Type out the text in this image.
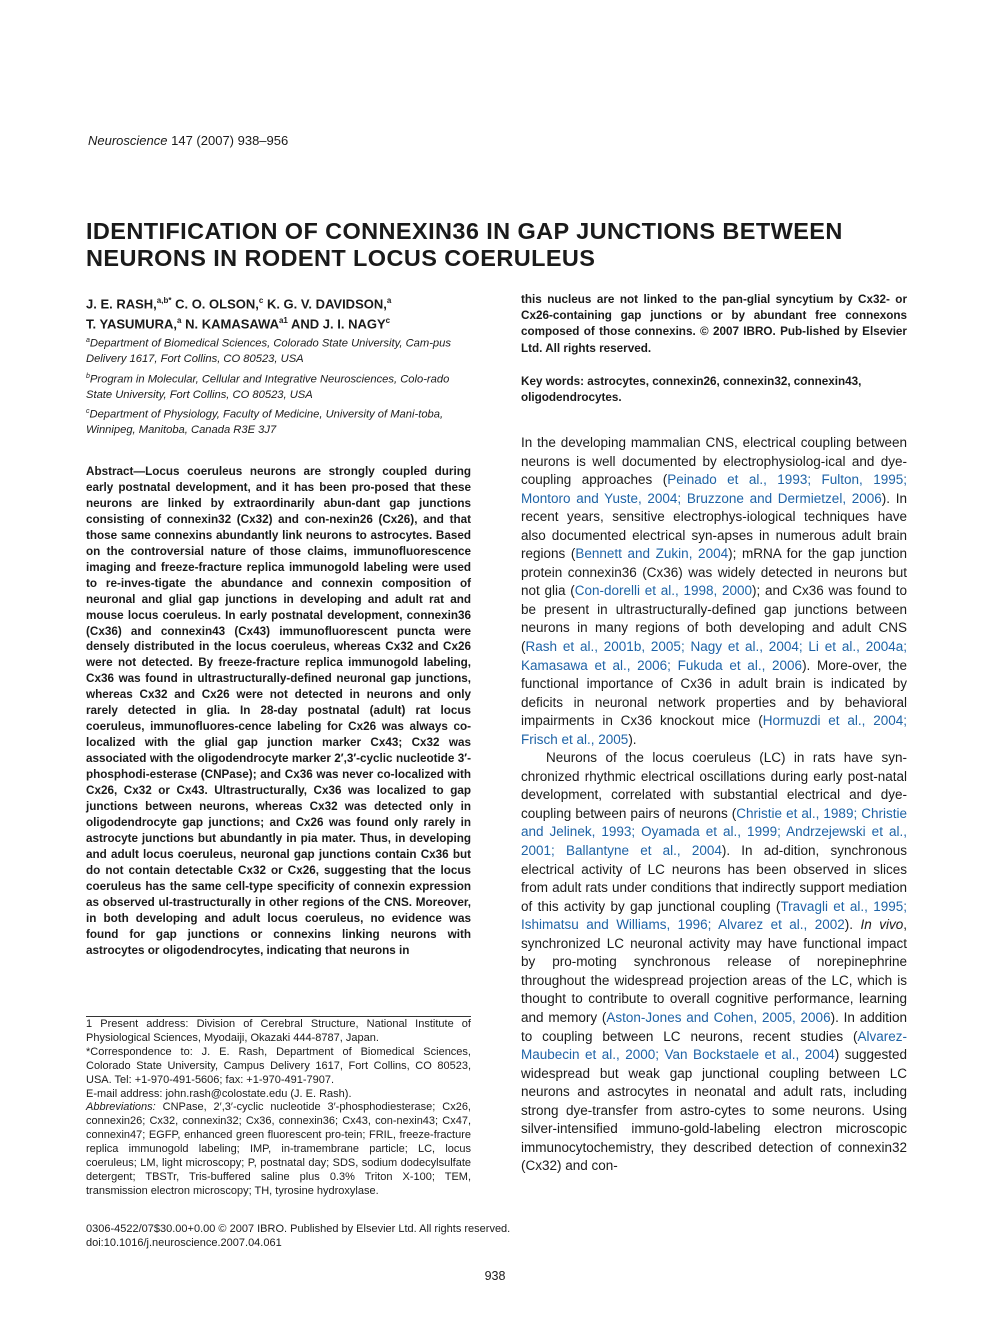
Neuroscience 147 (2007) 938–956
IDENTIFICATION OF CONNEXIN36 IN GAP JUNCTIONS BETWEEN NEURONS IN RODENT LOCUS COERULEUS
J. E. RASH,$^{a,b*}$ C. O. OLSON,$^c$ K. G. V. DAVIDSON,$^a$
T. YASUMURA,$^a$ N. $KAMASAWA^{a1}$ AND J. I. NAGY$^c$
$^a$Department of Biomedical Sciences, Colorado State University, Cam-pus Delivery 1617, Fort Collins, CO 80523, USA
$^b$Program in Molecular, Cellular and Integrative Neurosciences, Colo-rado State University, Fort Collins, CO 80523, USA
$^c$Department of Physiology, Faculty of Medicine, University of Mani-toba, Winnipeg, Manitoba, Canada R3E 3J7
Abstract—Locus coeruleus neurons are strongly coupled during early postnatal development, and it has been pro-posed that these neurons are linked by extraordinarily abun-dant gap junctions consisting of connexin32 (Cx32) and con-nexin26 (Cx26), and that those same connexins abundantly link neurons to astrocytes. Based on the controversial nature of those claims, immunofluorescence imaging and freeze-fracture replica immunogold labeling were used to re-inves-tigate the abundance and connexin composition of neuronal and glial gap junctions in developing and adult rat and mouse locus coeruleus. In early postnatal development, connexin36 (Cx36) and connexin43 (Cx43) immunofluorescent puncta were densely distributed in the locus coeruleus, whereas Cx32 and Cx26 were not detected. By freeze-fracture replica immunogold labeling, Cx36 was found in ultrastructurally-defined neuronal gap junctions, whereas Cx32 and Cx26 were not detected in neurons and only rarely detected in glia. In 28-day postnatal (adult) rat locus coeruleus, immunofluores-cence labeling for Cx26 was always co-localized with the glial gap junction marker Cx43; Cx32 was associated with the oligodendrocyte marker 2′,3′-cyclic nucleotide 3′-phosphodi-esterase (CNPase); and Cx36 was never co-localized with Cx26, Cx32 or Cx43. Ultrastructurally, Cx36 was localized to gap junctions between neurons, whereas Cx32 was detected only in oligodendrocyte gap junctions; and Cx26 was found only rarely in astrocyte junctions but abundantly in pia mater. Thus, in developing and adult locus coeruleus, neuronal gap junctions contain Cx36 but do not contain detectable Cx32 or Cx26, suggesting that the locus coeruleus has the same cell-type specificity of connexin expression as observed ul-trastructurally in other regions of the CNS. Moreover, in both developing and adult locus coeruleus, no evidence was found for gap junctions or connexins linking neurons with astrocytes or oligodendrocytes, indicating that neurons in
this nucleus are not linked to the pan-glial syncytium by Cx32- or Cx26-containing gap junctions or by abundant free connexons composed of those connexins. © 2007 IBRO. Pub-lished by Elsevier Ltd. All rights reserved.
Key words: astrocytes, connexin26, connexin32, connexin43, oligodendrocytes.

In the developing mammalian CNS, electrical coupling between neurons is well documented by electrophysiolog-ical and dye-coupling approaches (Peinado et al., 1993; Fulton, 1995; Montoro and Yuste, 2004; Bruzzone and Dermietzel, 2006). In recent years, sensitive electrophys-iological techniques have also documented electrical syn-apses in numerous adult brain regions (Bennett and Zukin, 2004); mRNA for the gap junction protein connexin36 (Cx36) was widely detected in neurons but not glia (Con-dorelli et al., 1998, 2000); and Cx36 was found to be present in ultrastructurally-defined gap junctions between neurons in many regions of both developing and adult CNS (Rash et al., 2001b, 2005; Nagy et al., 2004; Li et al., 2004a; Kamasawa et al., 2006; Fukuda et al., 2006). More-over, the functional importance of Cx36 in adult brain is indicated by deficits in neuronal network properties and by behavioral impairments in Cx36 knockout mice (Hormuzdi et al., 2004; Frisch et al., 2005).

Neurons of the locus coeruleus (LC) in rats have syn-chronized rhythmic electrical oscillations during early post-natal development, correlated with substantial electrical and dye-coupling between pairs of neurons (Christie et al., 1989; Christie and Jelinek, 1993; Oyamada et al., 1999; Andrzejewski et al., 2001; Ballantyne et al., 2004). In ad-dition, synchronous electrical activity of LC neurons has been observed in slices from adult rats under conditions that indirectly support mediation of this activity by gap junctional coupling (Travagli et al., 1995; Ishimatsu and Williams, 1996; Alvarez et al., 2002). In vivo, synchronized LC neuronal activity may have functional impact by pro-moting synchronous release of norepinephrine throughout the widespread projection areas of the LC, which is thought to contribute to overall cognitive performance, learning and memory (Aston-Jones and Cohen, 2005, 2006). In addition to coupling between LC neurons, recent studies (Alvarez-Maubecin et al., 2000; Van Bockstaele et al., 2004) suggested widespread but weak gap junctional coupling between LC neurons and astrocytes in neonatal and adult rats, including strong dye-transfer from astro-cytes to some neurons. Using silver-intensified immuno-gold-labeling electron microscopic immunocytochemistry, they described detection of connexin32 (Cx32) and con-

1 Present address: Division of Cerebral Structure, National Institute of Physiological Sciences, Myodaiji, Okazaki 444-8787, Japan.

*Correspondence to: J. E. Rash, Department of Biomedical Sciences, Colorado State University, Campus Delivery 1617, Fort Collins, CO 80523, USA. Tel: +1-970-491-5606; fax: +1-970-491-7907.

E-mail address: john.rash@colostate.edu (J. E. Rash).

Abbreviations: CNPase, 2′,3′-cyclic nucleotide 3′-phosphodiesterase; Cx26, connexin26; Cx32, connexin32; Cx36, connexin36; Cx43, con-nexin43; Cx47, connexin47; EGFP, enhanced green fluorescent pro-tein; FRIL, freeze-fracture replica immunogold labeling; IMP, in-tramembrane particle; LC, locus coeruleus; LM, light microscopy; P, postnatal day; SDS, sodium dodecylsulfate detergent; TBSTr, Tris-buffered saline plus 0.3% Triton X-100; TEM, transmission electron microscopy; TH, tyrosine hydroxylase.

0306-4522/07$30.00+0.00 © 2007 IBRO. Published by Elsevier Ltd. All rights reserved.
doi:10.1016/j.neuroscience.2007.04.061
938
